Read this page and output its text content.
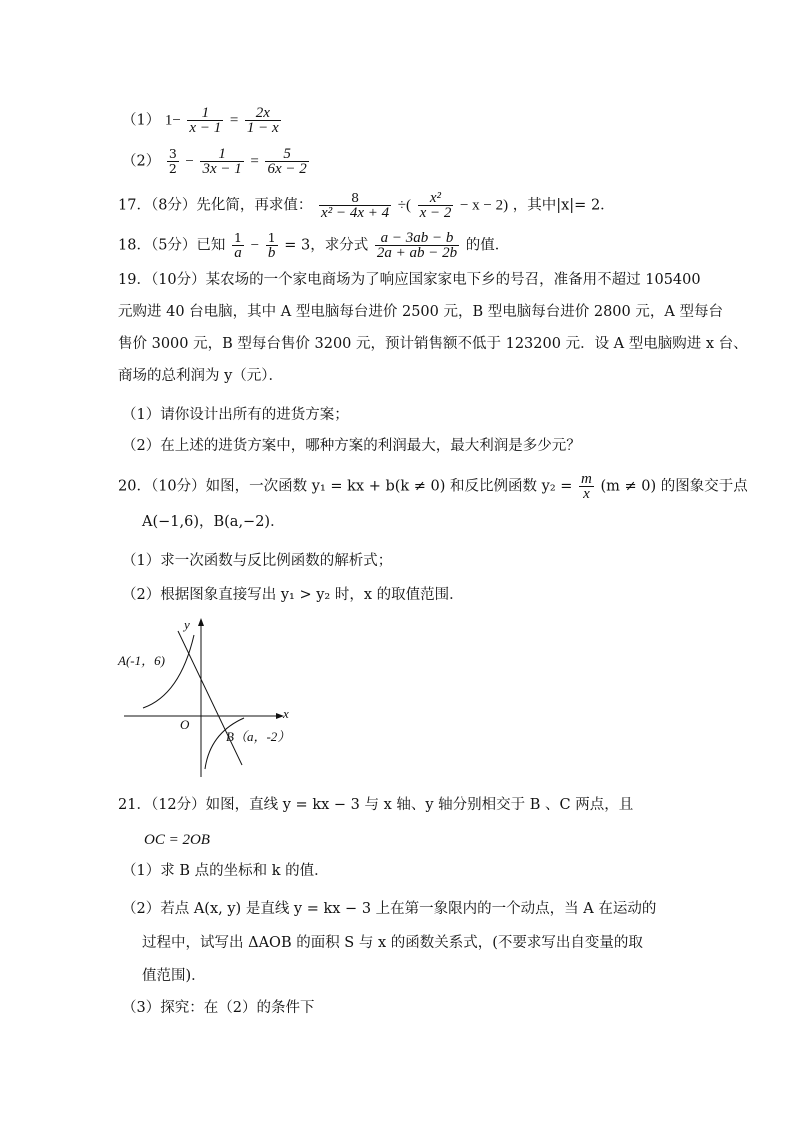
（1） $1- \frac{1}{x - 1} = \frac{2x}{1 - x}$
$(2) \frac{3}{2} - \frac{1}{3x - 1} = \frac{5}{6x - 2}$
17．（8分）先化简，再求值： $\frac{8}{\text{x² − 4x + 4}}$ ÷( $\frac{\text{x²}}{x - 2} - x - 2$) ，其中|x|= 2．
18．（5分）已知 $\frac{1}{a} - \frac{1}{b} = 3$，求分式 $\frac{a - 3ab - b}{2a + ab - 2b}$ 的值．
19．（10分）某农场的一个家电商场为了响应国家家电下乡的号召，准备用不超过 105400
元购进 40 台电脑，其中 A 型电脑每台进价 2500 元，B 型电脑每台进价 2800 元，A 型每台
售价 3000 元，B 型每台售价 3200 元，预计销售额不低于 123200 元．设 A 型电脑购进 x 台、
商场的总利润为 y（元）．
（1）请你设计出所有的进货方案；
（2）在上述的进货方案中，哪种方案的利润最大，最大利润是多少元？
20．（10分）如图，一次函数 y₁ = kx + b(k ≠ 0) 和反比例函数 $y_2 = \frac{m}{x} (m \ne 0)$ 的图象交于点
A(−1,6)，B(a,−2)．
（1）求一次函数与反比例函数的解析式；
（2）根据图象直接写出 y₁ > y₂ 时，x 的取值范围．
y
x
O
A(-1，6)
B（a，-2）
21．（12分）如图，直线 y = kx − 3 与 x 轴、y 轴分别相交于 B 、C 两点，且
OC = 2OB
（1）求 B 点的坐标和 k 的值．
（2）若点 A(x, y) 是直线 y = kx − 3 上在第一象限内的一个动点，当 A 在运动的
过程中，试写出 ΔAOB 的面积 S 与 x 的函数关系式，(不要求写出自变量的取
值范围)．
（3）探究：在（2）的条件下
